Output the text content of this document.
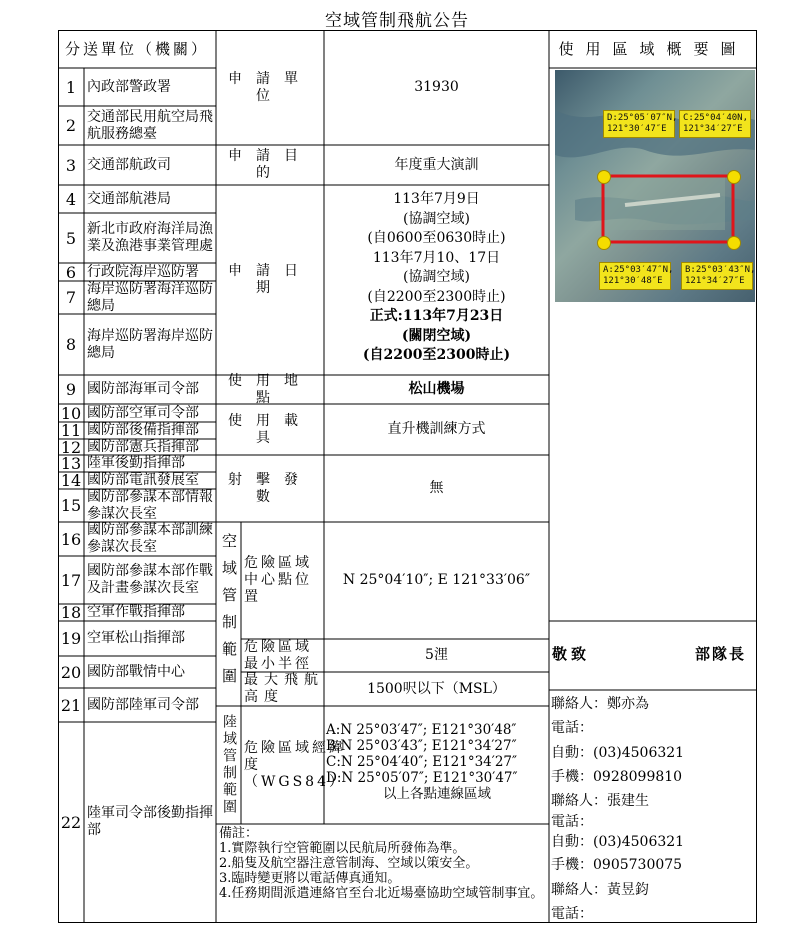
空域管制飛航公告
分送單位（機關）	使用區域概要圖
1 內政部警政署
2 交通部民用航空局飛航服務總臺
3 交通部航政司
4 交通部航港局
5 新北市政府海洋局漁業及漁港事業管理處
6 行政院海岸巡防署
7 海岸巡防署海洋巡防總局
8 海岸巡防署海岸巡防總局
9 國防部海軍司令部
10 國防部空軍司令部
11 國防部後備指揮部
12 國防部憲兵指揮部
13 陸軍後勤指揮部
14 國防部電訊發展室
15 國防部參謀本部情報參謀次長室
16 國防部參謀本部訓練參謀次長室
17 國防部參謀本部作戰及計畫參謀次長室
18 空軍作戰指揮部
19 空軍松山指揮部
20 國防部戰情中心
21 國防部陸軍司令部
22 陸軍司令部後勤指揮部
申請單位
31930
申請目的
年度重大演訓
申請日期
113年7月9日
(協調空域)
(自0600至0630時止)
113年7月10、17日
(協調空域)
(自2200至2300時止)
正式:113年7月23日
(關閉空域)
(自2200至2300時止)
使用地點
松山機場
使用載具
直升機訓練方式
射擊發數
無
空域管制範圍 危險區域中心點位置
N 25°04′10″; E 121°33′06″
危險區域最小半徑
5浬
最大飛航高度
1500呎以下（MSL）
陸域管制範圍 危險區域經緯度（WGS84）
A:N 25°03′47″; E121°30′48″
B:N 25°03′43″; E121°34′27″
C:N 25°04′40″; E121°34′27″
D:N 25°05′07″; E121°30′47″
以上各點連線區域
備註：
1.實際執行空管範圍以民航局所發佈為準。
2.船隻及航空器注意管制海、空域以策安全。
3.臨時變更將以電話傳真通知。
4.任務期間派遣連絡官至台北近場臺協助空域管制事宜。
D:25°05′07″N, 121°30′47″E
C:25°04′40N, 121°34′27″E
A:25°03′47″N, 121°30′48″E
B:25°03′43″N, 121°34′27″E
敬致	部隊長
聯絡人：鄭亦為
電話：
自動：(03)4506321
手機：0928099810
聯絡人：張建生
電話：
自動：(03)4506321
手機：0905730075
聯絡人：黃昱鈞
電話：
